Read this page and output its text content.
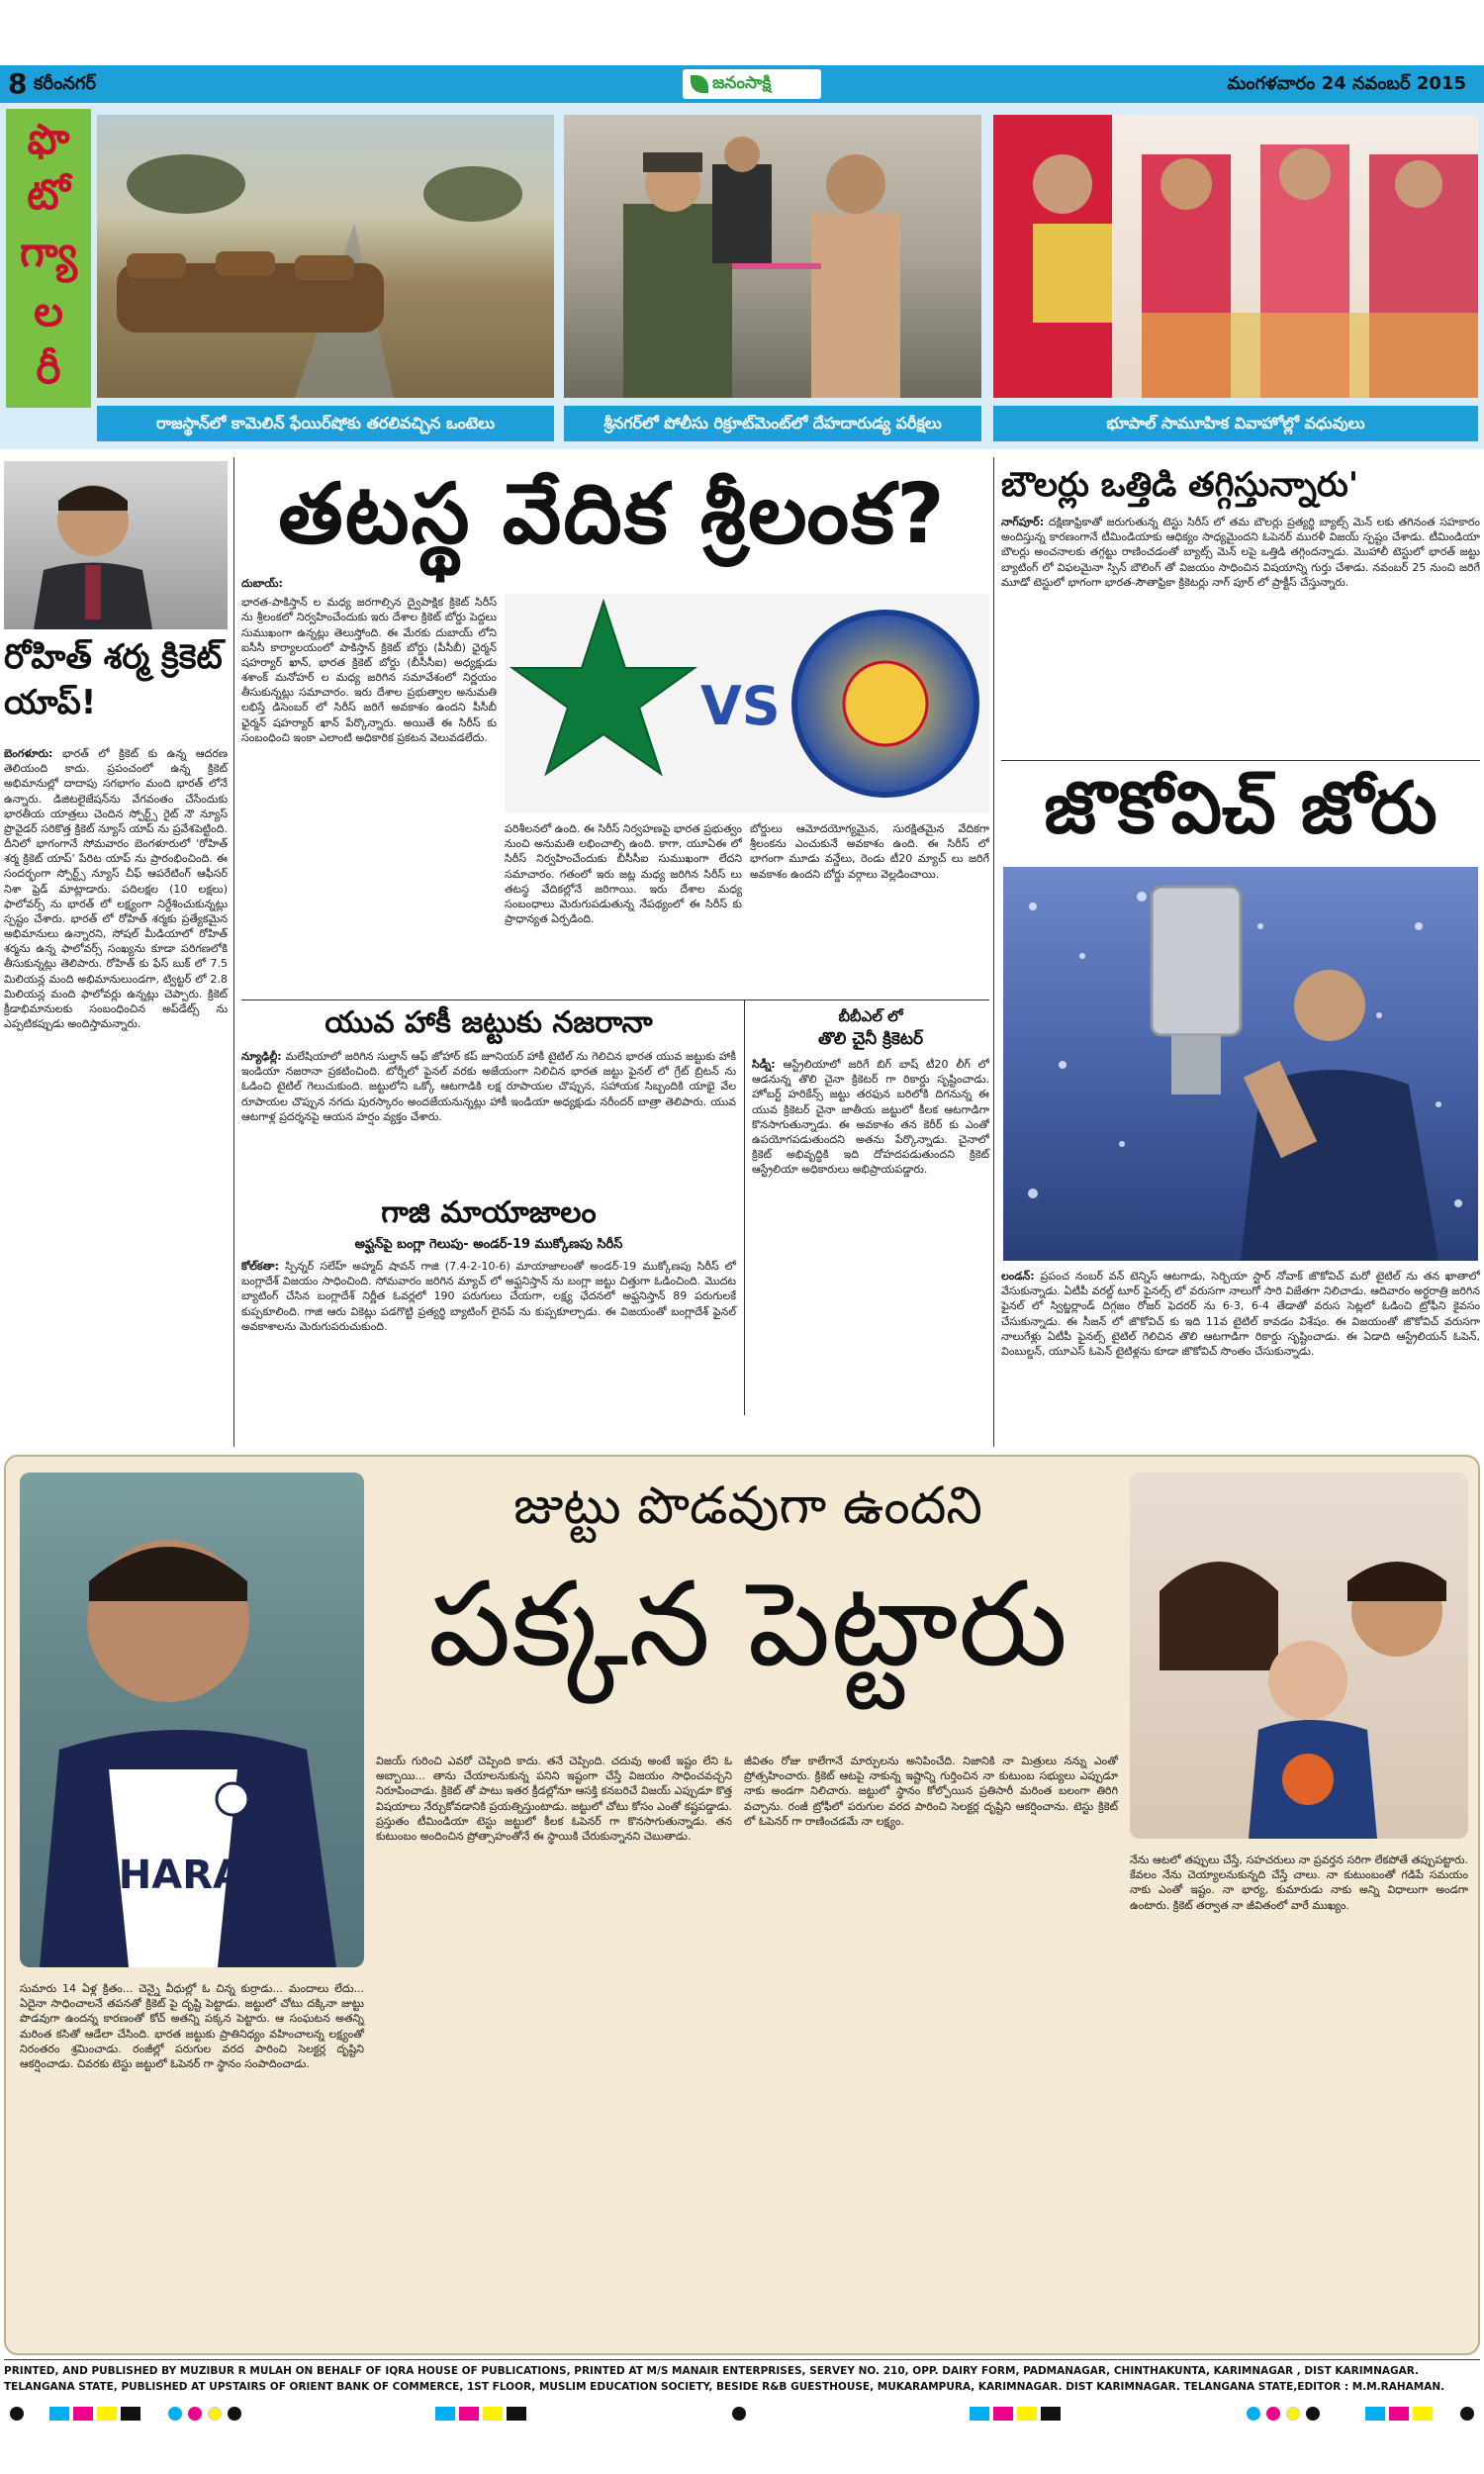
8 కరీంనగర్	జనంసాక్షి	మంగళవారం 24 నవంబర్ 2015
ఫొ
టో
గ్యా
ల
రీ
రాజస్థాన్‌లో కామెలిన్ ఫేయిర్‌షోకు తరలివచ్చిన ఒంటెలు	శ్రీనగర్‌లో పోలీసు రిక్రూట్‌మెంట్‌లో దేహదారుడ్య పరీక్షలు	భూపాల్ సామూహిక వివాహోల్లో వధువులు
రోహిత్ శర్మ క్రికెట్ యాప్!

బెంగళూరు: భారత్ లో క్రికెట్ కు ఉన్న ఆదరణ తెలియంది కాదు. ప్రపంచంలో ఉన్న క్రికెట్ అభిమానుల్లో దాదాపు సగభాగం మంది భారత్ లోనే ఉన్నారు. డిజిటలైజేషన్‌ను వేగవంతం చేసేందుకు భారతీయ యాత్రలు చెందిన స్పోర్ట్స్ రైట్ నౌ న్యూస్ ప్రొవైడర్ సరికొత్త క్రికెట్ న్యూస్ యాప్ ను ప్రవేశపెట్టింది. దీనిలో భాగంగానే సోమవారం బెంగళూరులో 'రోహిత్ శర్మ క్రికెట్ యాప్' పేరిట యాప్ ను ప్రారంభించింది. ఈ సందర్భంగా స్పోర్ట్స్ న్యూస్ చీఫ్ ఆపరేటింగ్ ఆఫీసర్ నిశా ఫ్రెడ్ మాట్లాడారు. పదిలక్షల (10 లక్షలు) ఫాలోవర్స్ ను భారత్ లో లక్ష్యంగా నిర్దేశించుకున్నట్లు స్పష్టం చేశారు. భారత్ లో రోహిత్ శర్మకు ప్రత్యేకమైన అభిమానులు ఉన్నారని, సోషల్ మీడియాలో రోహిత్ శర్మను ఉన్న ఫాలోవర్స్ సంఖ్యను కూడా పరిగణలోకి తీసుకున్నట్లు తెలిపారు. రోహిత్ కు ఫేస్ బుక్ లో 7.5 మిలియన్ల మంది అభిమానులుండగా, ట్విట్టర్ లో 2.8 మిలియన్ల మంది ఫాలోవర్లు ఉన్నట్లు చెప్పారు. క్రికెట్ క్రీడాభిమానులకు సంబంధించిన అప్‌డేట్స్ ను ఎప్పటికప్పుడు అందిస్తామన్నారు.

తటస్థ వేదిక శ్రీలంక?

దుబాయ్:

భారత-పాకిస్తాన్ ల మధ్య జరగాల్సిన ద్వైపాక్షిక క్రికెట్ సిరీస్ ను శ్రీలంకలో నిర్వహించేందుకు ఇరు దేశాల క్రికెట్ బోర్డు పెద్దలు సుముఖంగా ఉన్నట్లు తెలుస్తోంది. ఈ మేరకు దుబాయ్ లోని ఐసీసీ కార్యాలయంలో పాకిస్తాన్ క్రికెట్ బోర్డు (పీసీబీ) ఛైర్మన్ షహర్యార్ ఖాన్, భారత క్రికెట్ బోర్డు (బీసీసీఐ) అధ్యక్షుడు శశాంక్ మనోహర్ ల మధ్య జరిగిన సమావేశంలో నిర్ణయం తీసుకున్నట్లు సమాచారం. ఇరు దేశాల ప్రభుత్వాల అనుమతి లభిస్తే డిసెంబర్ లో సిరీస్ జరిగే అవకాశం ఉందని పీసీబీ ఛైర్మన్ షహర్యార్ ఖాన్ పేర్కొన్నారు. అయితే ఈ సిరీస్ కు సంబంధించి ఇంకా ఎలాంటి అధికారిక ప్రకటన వెలువడలేదు.

VS

పరిశీలనలో ఉంది. ఈ సిరీస్ నిర్వహణపై భారత ప్రభుత్వం నుంచి అనుమతి లభించాల్సి ఉంది. కాగా, యూఏఈ లో సిరీస్ నిర్వహించేందుకు బీసీసీఐ సుముఖంగా లేదని సమాచారం. గతంలో ఇరు జట్ల మధ్య జరిగిన సిరీస్ లు తటస్థ వేదికల్లోనే జరిగాయి. ఇరు దేశాల మధ్య సంబంధాలు మెరుగుపడుతున్న నేపథ్యంలో ఈ సిరీస్ కు ప్రాధాన్యత ఏర్పడింది.

బోర్డులు ఆమోదయోగ్యమైన, సురక్షితమైన వేదికగా శ్రీలంకను ఎంచుకునే అవకాశం ఉంది. ఈ సిరీస్ లో భాగంగా మూడు వన్డేలు, రెండు టీ20 మ్యాచ్ లు జరిగే అవకాశం ఉందని బోర్డు వర్గాలు వెల్లడించాయి.

యువ హాకీ జట్టుకు నజరానా

న్యూఢిల్లీ: మలేషియాలో జరిగిన సుల్తాన్ ఆఫ్ జోహార్ కప్ జూనియర్ హాకీ టైటిల్ ను గెలిచిన భారత యువ జట్టుకు హాకీ ఇండియా నజరానా ప్రకటించింది. టోర్నీలో ఫైనల్ వరకు అజేయంగా నిలిచిన భారత జట్టు ఫైనల్ లో గ్రేట్ బ్రిటన్ ను ఓడించి టైటిల్ గెలుచుకుంది. జట్టులోని ఒక్కో ఆటగాడికి లక్ష రూపాయల చొప్పున, సహాయక సిబ్బందికి యాభై వేల రూపాయల చొప్పున నగదు పురస్కారం అందజేయనున్నట్లు హాకీ ఇండియా అధ్యక్షుడు నరీందర్ బాత్రా తెలిపారు. యువ ఆటగాళ్ల ప్రదర్శనపై ఆయన హర్షం వ్యక్తం చేశారు.

బీబీఎల్ లో
తొలి చైనీ క్రికెటర్

సిడ్నీ: ఆస్ట్రేలియాలో జరిగే బిగ్ బాష్ టీ20 లీగ్ లో ఆడనున్న తొలి చైనా క్రికెటర్ గా రికార్డు సృష్టించాడు. హోబర్ట్ హరికేన్స్ జట్టు తరఫున బరిలోకి దిగనున్న ఈ యువ క్రికెటర్ చైనా జాతీయ జట్టులో కీలక ఆటగాడిగా కొనసాగుతున్నాడు. ఈ అవకాశం తన కెరీర్ కు ఎంతో ఉపయోగపడుతుందని అతను పేర్కొన్నాడు. చైనాలో క్రికెట్ అభివృద్ధికి ఇది దోహదపడుతుందని క్రికెట్ ఆస్ట్రేలియా అధికారులు అభిప్రాయపడ్డారు.

గాజి మాయాజాలం
అఫ్ఘన్‌పై బంగ్లా గెలుపు- అండర్-19 ముక్కోణపు సిరీస్

కోల్‌కతా: స్పిన్నర్ సలేహ్ అహ్మద్ షావన్ గాజి (7.4-2-10-6) మాయాజాలంతో అండర్-19 ముక్కోణపు సిరీస్ లో బంగ్లాదేశ్ విజయం సాధించింది. సోమవారం జరిగిన మ్యాచ్ లో అఫ్ఘనిస్తాన్ ను బంగ్లా జట్టు చిత్తుగా ఓడించింది. మొదట బ్యాటింగ్ చేసిన బంగ్లాదేశ్ నిర్ణీత ఓవర్లలో 190 పరుగులు చేయగా, లక్ష్య ఛేదనలో అఫ్ఘనిస్తాన్ 89 పరుగులకే కుప్పకూలింది. గాజి ఆరు వికెట్లు పడగొట్టి ప్రత్యర్థి బ్యాటింగ్ లైనప్ ను కుప్పకూల్చాడు. ఈ విజయంతో బంగ్లాదేశ్ ఫైనల్ అవకాశాలను మెరుగుపరుచుకుంది.

బౌలర్లు ఒత్తిడి తగ్గిస్తున్నారు'

నాగ్‌పూర్: దక్షిణాఫ్రికాతో జరుగుతున్న టెస్టు సిరీస్ లో తమ బౌలర్లు ప్రత్యర్థి బ్యాట్స్ మెన్ లకు తగినంత సహకారం అందిస్తున్న కారణంగానే టీమిండియాకు ఆధిక్యం సాధ్యమైందని ఓపెనర్ మురళీ విజయ్ స్పష్టం చేశాడు. టీమిండియా బౌలర్లు అంచనాలకు తగ్గట్టు రాణించడంతో బ్యాట్స్ మెన్ లపై ఒత్తిడి తగ్గిందన్నాడు. మొహాలీ టెస్టులో భారత్ జట్టు బ్యాటింగ్ లో విఫలమైనా స్పిన్ బౌలింగ్ తో విజయం సాధించిన విషయాన్ని గుర్తు చేశాడు. నవంబర్ 25 నుంచి జరిగే మూడో టెస్టులో భాగంగా భారత-సౌతాఫ్రికా క్రికెటర్లు నాగ్ పూర్ లో ప్రాక్టీస్ చేస్తున్నారు.

జొకోవిచ్ జోరు

లండన్: ప్రపంచ నంబర్ వన్ టెన్నిస్ ఆటగాడు, సెర్బియా స్టార్ నోవాక్ జొకోవిచ్ మరో టైటిల్ ను తన ఖాతాలో వేసుకున్నాడు. ఏటీపీ వరల్డ్ టూర్ ఫైనల్స్ లో వరుసగా నాలుగో సారి విజేతగా నిలిచాడు. ఆదివారం అర్ధరాత్రి జరిగిన ఫైనల్ లో స్విట్జర్లాండ్ దిగ్గజం రోజర్ ఫెదరర్ ను 6-3, 6-4 తేడాతో వరుస సెట్లలో ఓడించి ట్రోఫీని కైవసం చేసుకున్నాడు. ఈ సీజన్ లో జొకోవిచ్ కు ఇది 11వ టైటిల్ కావడం విశేషం. ఈ విజయంతో జొకోవిచ్ వరుసగా నాలుగేళ్లు ఏటీపీ ఫైనల్స్ టైటిల్ గెలిచిన తొలి ఆటగాడిగా రికార్డు సృష్టించాడు. ఈ ఏడాది ఆస్ట్రేలియన్ ఓపెన్, వింబుల్డన్, యూఎస్ ఓపెన్ టైటిళ్లను కూడా జొకోవిచ్ సొంతం చేసుకున్నాడు.

SAHARA
జుట్టు పొడవుగా ఉందని
పక్కన పెట్టారు

సుమారు 14 ఏళ్ల క్రితం... చెన్నై వీధుల్లో ఓ చిన్న కుర్రాడు... మందాలు లేదు... ఏదైనా సాధించాలనే తపనతో క్రికెట్ పై దృష్టి పెట్టాడు. జట్టులో చోటు దక్కినా జుట్టు పొడవుగా ఉందన్న కారణంతో కోచ్ అతన్ని పక్కన పెట్టారు. ఆ సంఘటన అతన్ని మరింత కసితో ఆడేలా చేసింది. భారత జట్టుకు ప్రాతినిధ్యం వహించాలన్న లక్ష్యంతో నిరంతరం శ్రమించాడు. రంజీల్లో పరుగుల వరద పారించి సెలక్టర్ల దృష్టిని ఆకర్షించాడు. చివరకు టెస్టు జట్టులో ఓపెనర్ గా స్థానం సంపాదించాడు.

విజయ్ గురించి ఎవరో చెప్పింది కాదు. తనే చెప్పింది. చదువు అంటే ఇష్టం లేని ఓ అబ్బాయి... తాను చేయాలనుకున్న పనిని ఇష్టంగా చేస్తే విజయం సాధించవచ్చని నిరూపించాడు. క్రికెట్ తో పాటు ఇతర క్రీడల్లోనూ ఆసక్తి కనబరిచే విజయ్ ఎప్పుడూ కొత్త విషయాలు నేర్చుకోవడానికి ప్రయత్నిస్తుంటాడు. జట్టులో చోటు కోసం ఎంతో కష్టపడ్డాడు. ప్రస్తుతం టీమిండియా టెస్టు జట్టులో కీలక ఓపెనర్ గా కొనసాగుతున్నాడు. తన కుటుంబం అందించిన ప్రోత్సాహంతోనే ఈ స్థాయికి చేరుకున్నానని చెబుతాడు.

జీవితం రోజు కాలేగానే మార్పులను అనిపించేది. నిజానికి నా మిత్రులు నన్ను ఎంతో ప్రోత్సహించారు. క్రికెట్ ఆటపై నాకున్న ఇష్టాన్ని గుర్తించిన నా కుటుంబ సభ్యులు ఎప్పుడూ నాకు అండగా నిలిచారు. జట్టులో స్థానం కోల్పోయిన ప్రతిసారీ మరింత బలంగా తిరిగి వచ్చాను. రంజీ ట్రోఫీలో పరుగుల వరద పారించి సెలక్టర్ల దృష్టిని ఆకర్షించాను. టెస్టు క్రికెట్ లో ఓపెనర్ గా రాణించడమే నా లక్ష్యం.

నేను ఆటలో తప్పులు చేస్తే, సహచరులు నా ప్రవర్తన సరిగా లేకపోతే తప్పుపట్టారు. కేవలం నేను చెయ్యాలనుకున్నది చేస్తే చాలు. నా కుటుంబంతో గడిపే సమయం నాకు ఎంతో ఇష్టం. నా భార్య, కుమారుడు నాకు అన్ని విధాలుగా అండగా ఉంటారు. క్రికెట్ తర్వాత నా జీవితంలో వారే ముఖ్యం.

PRINTED, AND PUBLISHED BY MUZIBUR R MULAH ON BEHALF OF IQRA HOUSE OF PUBLICATIONS, PRINTED AT M/S MANAIR ENTERPRISES, SERVEY NO. 210, OPP. DAIRY FORM, PADMANAGAR, CHINTHAKUNTA, KARIMNAGAR , DIST KARIMNAGAR.
TELANGANA STATE, PUBLISHED AT UPSTAIRS OF ORIENT BANK OF COMMERCE, 1ST FLOOR, MUSLIM EDUCATION SOCIETY, BESIDE R&B GUESTHOUSE, MUKARAMPURA, KARIMNAGAR. DIST KARIMNAGAR. TELANGANA STATE,EDITOR : M.M.RAHAMAN.
